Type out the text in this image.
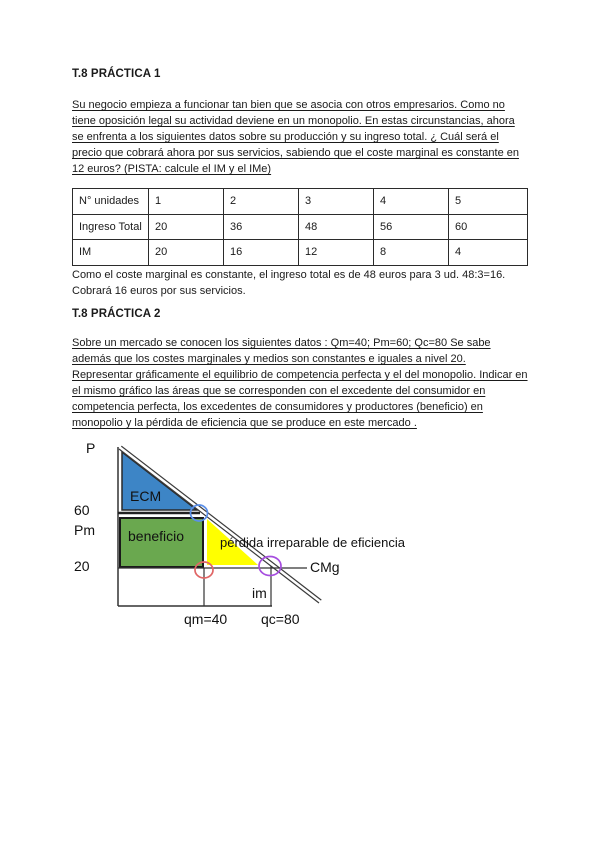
T.8 PRÁCTICA 1
Su negocio empieza a funcionar tan bien que se asocia con otros empresarios. Como no tiene oposición legal su actividad deviene en un monopolio. En estas circunstancias, ahora se enfrenta a los siguientes datos sobre su producción y su ingreso total. ¿ Cuál será el precio que cobrará ahora por sus servicios, sabiendo que el coste marginal es constante en 12 euros? (PISTA: calcule el IM y el IMe)
N° unidades	1	2	3	4	5
Ingreso Total	20	36	48	56	60
IM	20	16	12	8	4
Como el coste marginal es constante, el ingreso total es de 48 euros para 3 ud. 48:3=16. Cobrará 16 euros por sus servicios.
T.8 PRÁCTICA 2
Sobre un mercado se conocen los siguientes datos : Qm=40; Pm=60; Qc=80 Se sabe además que los costes marginales y medios son constantes e iguales a nivel 20. Representar gráficamente el equilibrio de competencia perfecta y el del monopolio. Indicar en el mismo gráfico las áreas que se corresponden con el excedente del consumidor en competencia perfecta, los excedentes de consumidores y productores (beneficio) en monopolio y la pérdida de eficiencia que se produce en este mercado .
P
60
Pm
20
ECM
beneficio	pérdida irreparable de eficiencia
CMg
im
qm=40 qc=80
